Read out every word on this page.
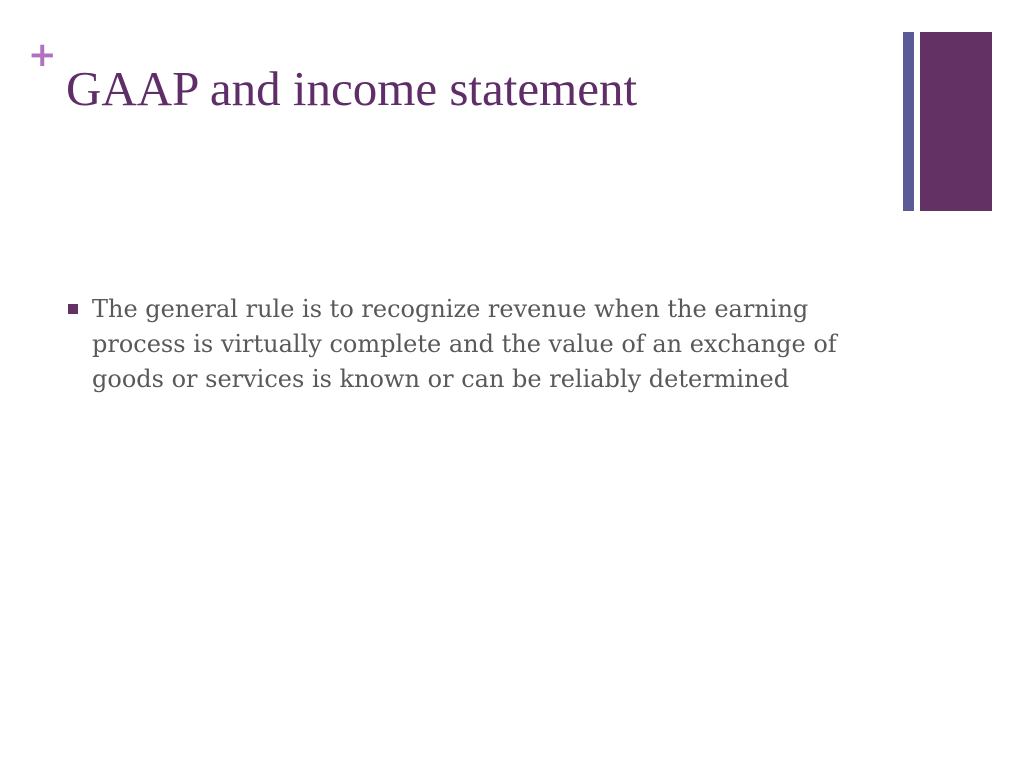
+
GAAP and income statement
The general rule is to recognize revenue when the earning process is virtually complete and the value of an exchange of goods or services is known or can be reliably determined
